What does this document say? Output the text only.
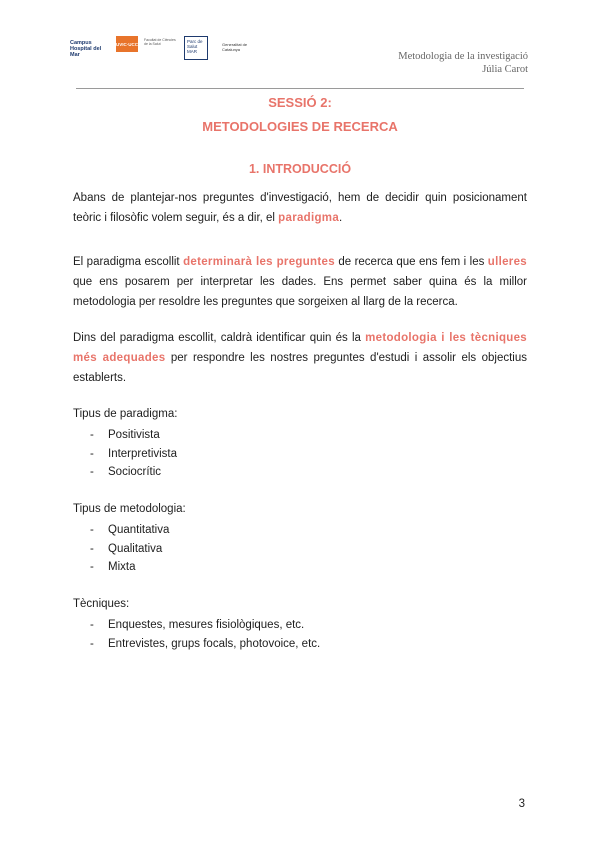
Campus Hospital del Mar
UVIC·UCC
Facultat de Ciències de la Salut	Parc de Salut MAR
Generalitat de Catalunya
Metodologia de la investigació
Júlia Carot
SESSIÓ 2:
METODOLOGIES DE RECERCA
1. INTRODUCCIÓ

Abans de plantejar-nos preguntes d'investigació, hem de decidir quin posicionament teòric i filosòfic volem seguir, és a dir, el paradigma.

El paradigma escollit determinarà les preguntes de recerca que ens fem i les ulleres que ens posarem per interpretar les dades. Ens permet saber quina és la millor metodologia per resoldre les preguntes que sorgeixen al llarg de la recerca.

Dins del paradigma escollit, caldrà identificar quin és la metodologia i les tècniques més adequades per respondre les nostres preguntes d'estudi i assolir els objectius establerts.

Tipus de paradigma:
- Positivista
- Interpretivista
- Sociocrític
Tipus de metodologia:
- Quantitativa
- Qualitativa
- Mixta
Tècniques:
- Enquestes, mesures fisiològiques, etc.
- Entrevistes, grups focals, photovoice, etc.
3
